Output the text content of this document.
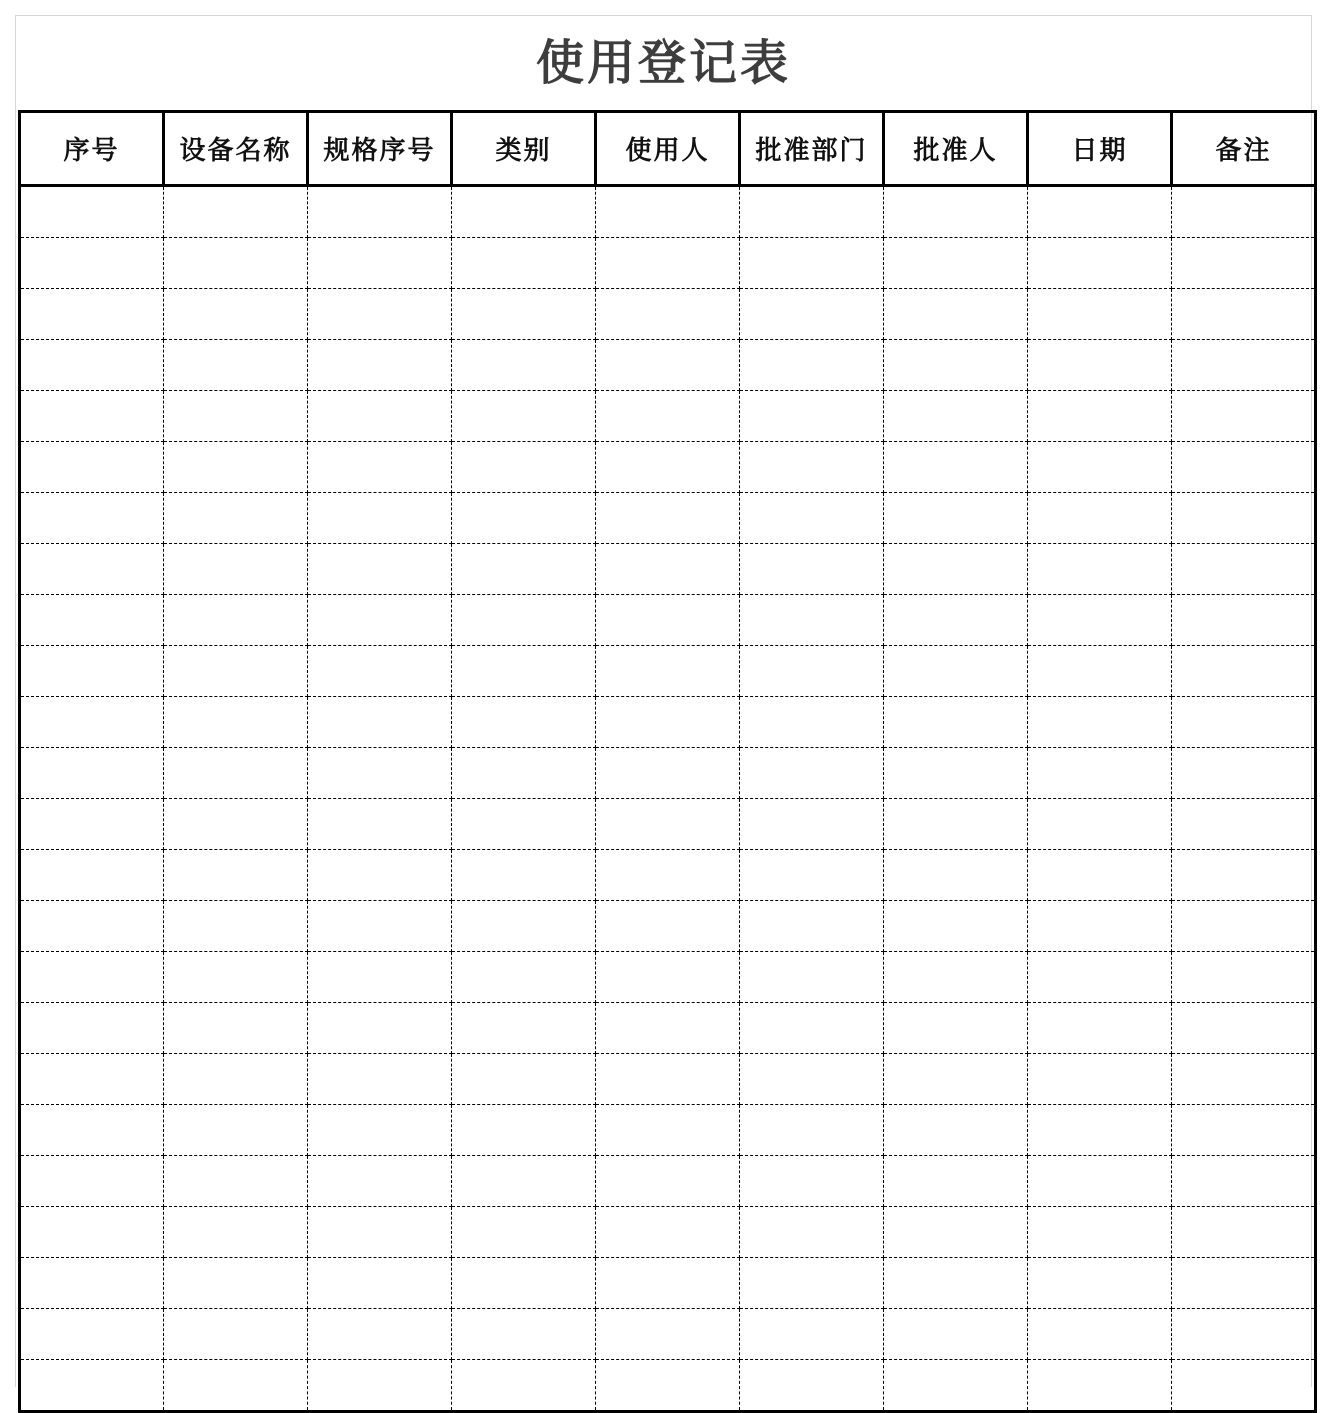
使用登记表
序号	设备名称	规格序号	类别	使用人	批准部门	批准人	日期	备注
